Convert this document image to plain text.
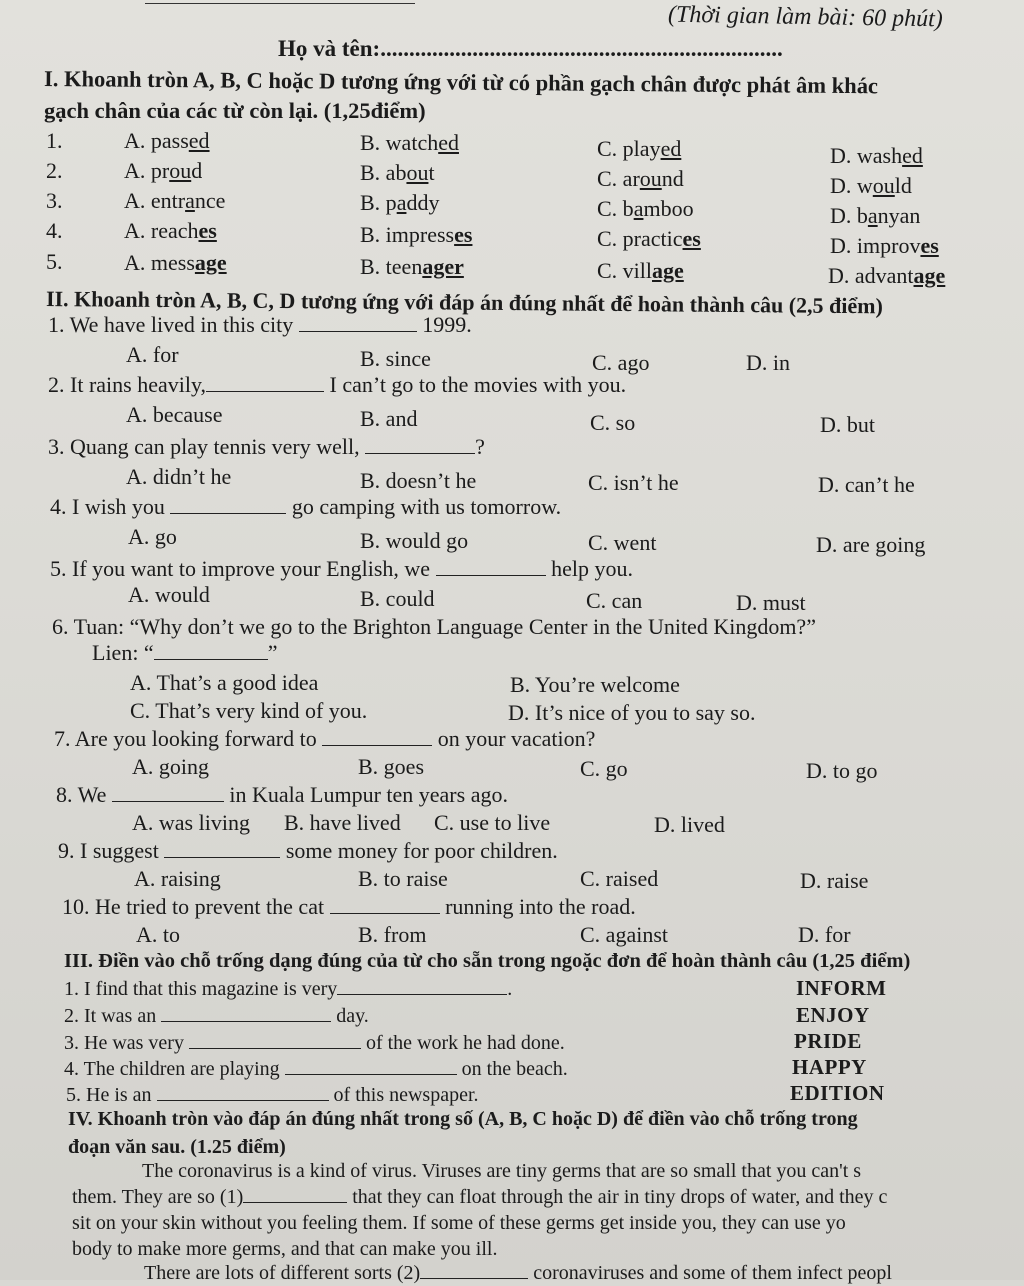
(Thời gian làm bài: 60 phút)
Họ và tên:......................................................................
I. Khoanh tròn A, B, C hoặc D tương ứng với từ có phần gạch chân được phát âm khác
gạch chân của các từ còn lại. (1,25điểm)
1.	A. passed	B. watched	C. played	D. washed
2.	A. proud	B. about	C. around	D. would
3.	A. entrance	B. paddy	C. bamboo	D. banyan
4.	A. reaches	B. impresses	C. practices	D. improves
5.	A. message	B. teenager	C. village	D. advantage
II. Khoanh tròn A, B, C, D tương ứng với đáp án đúng nhất để hoàn thành câu (2,5 điểm)
1. We have lived in this city	1999.
A. for	B. since	C. ago	D. in
2. It rains heavily,	I can’t go to the movies with you.
A. because	B. and	C. so	D. but
3. Quang can play tennis very well,	?
A. didn’t he	B. doesn’t he	C. isn’t he	D. can’t he
4. I wish you	go camping with us tomorrow.
A. go	B. would go	C. went	D. are going
5. If you want to improve your English, we	help you.
A. would	B. could	C. can	D. must
6. Tuan: “Why don’t we go to the Brighton Language Center in the United Kingdom?”
Lien: “	”
A. That’s a good idea	B. You’re welcome
C. That’s very kind of you.	D. It’s nice of you to say so.
7. Are you looking forward to	on your vacation?
A. going	B. goes	C. go	D. to go
8. We	in Kuala Lumpur ten years ago.
A. was living B. have lived C. use to live	D. lived
9. I suggest	some money for poor children.
A. raising	B. to raise	C. raised	D. raise
10. He tried to prevent the cat	running into the road.
A. to	B. from	C. against	D. for
III. Điền vào chỗ trống dạng đúng của từ cho sẵn trong ngoặc đơn để hoàn thành câu (1,25 điểm)
1. I find that this magazine is very	.	INFORM
2. It was an	day.	ENJOY
3. He was very	of the work he had done.	PRIDE
4. The children are playing	on the beach.	HAPPY
5. He is an	of this newspaper.	EDITION
IV. Khoanh tròn vào đáp án đúng nhất trong số (A, B, C hoặc D) để điền vào chỗ trống trong
đoạn văn sau. (1.25 điểm)
The coronavirus is a kind of virus. Viruses are tiny germs that are so small that you can't s
them. They are so (1)	that they can float through the air in tiny drops of water, and they c
sit on your skin without you feeling them. If some of these germs get inside you, they can use yo
body to make more germs, and that can make you ill.
There are lots of different sorts (2)	coronaviruses and some of them infect peopl
